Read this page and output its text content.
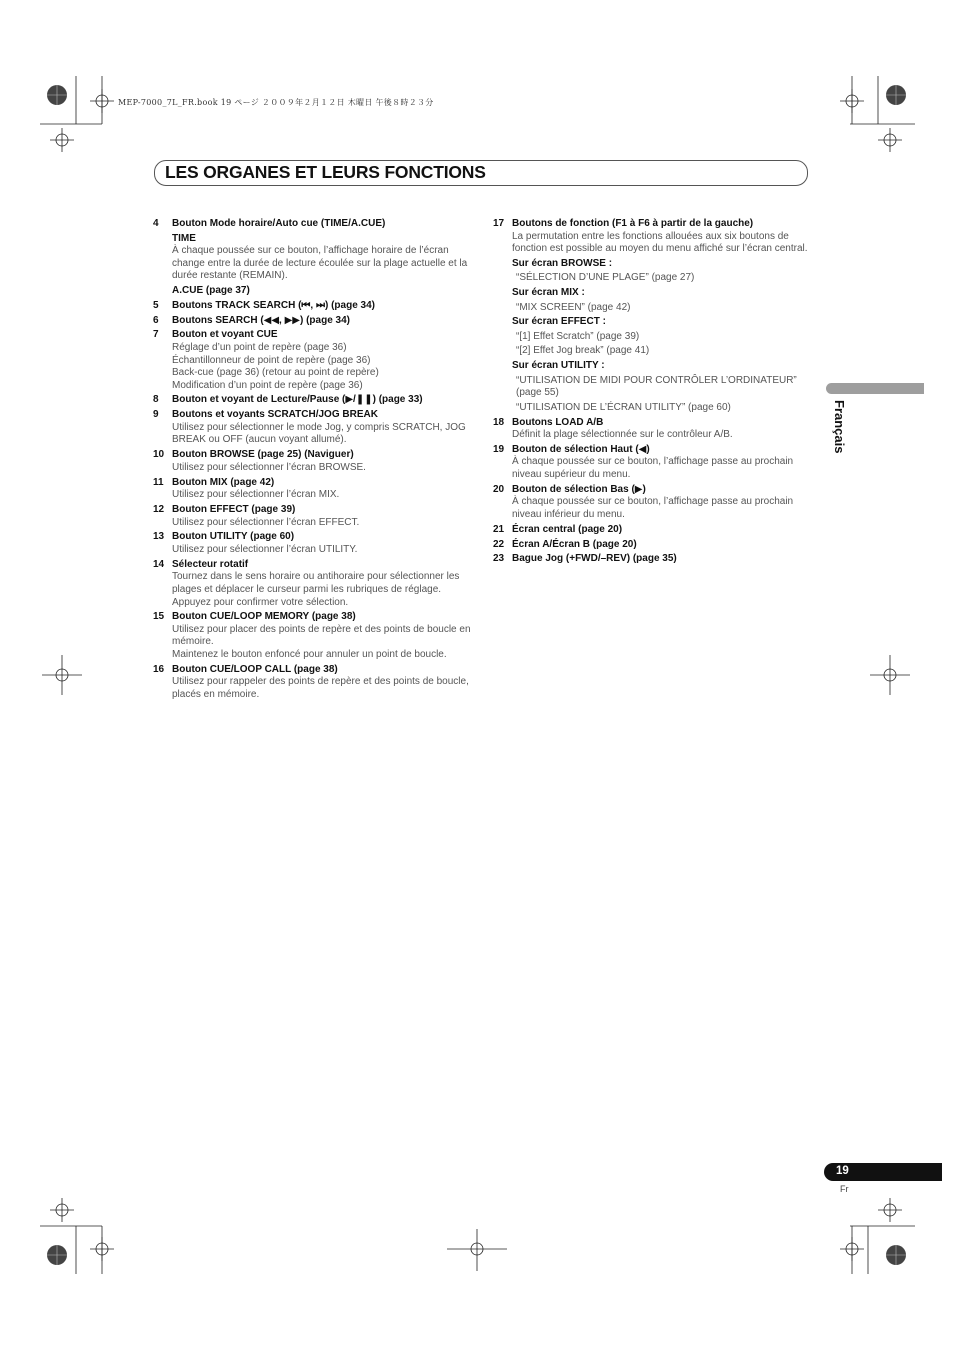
MEP-7000_7L_FR.book 19 ページ ２００９年２月１２日 木曜日 午後８時２３分
LES ORGANES ET LEURS FONCTIONS
4 Bouton Mode horaire/Auto cue (TIME/A.CUE)
TIME
À chaque poussée sur ce bouton, l’affichage horaire de l’écran change entre la durée de lecture écoulée sur la plage actuelle et la durée restante (REMAIN).
A.CUE (page 37)
5 Boutons TRACK SEARCH (⏮, ⏭) (page 34)
6 Boutons SEARCH (◀◀, ▶▶) (page 34)
7 Bouton et voyant CUE
Réglage d’un point de repère (page 36)
Échantillonneur de point de repère (page 36)
Back-cue (page 36) (retour au point de repère)
Modification d’un point de repère (page 36)
8 Bouton et voyant de Lecture/Pause (▶/❚❚) (page 33)
9 Boutons et voyants SCRATCH/JOG BREAK
Utilisez pour sélectionner le mode Jog, y compris SCRATCH, JOG BREAK ou OFF (aucun voyant allumé).
10 Bouton BROWSE (page 25) (Naviguer)
Utilisez pour sélectionner l’écran BROWSE.
11 Bouton MIX (page 42)
Utilisez pour sélectionner l’écran MIX.
12 Bouton EFFECT (page 39)
Utilisez pour sélectionner l’écran EFFECT.
13 Bouton UTILITY (page 60)
Utilisez pour sélectionner l’écran UTILITY.
14 Sélecteur rotatif
Tournez dans le sens horaire ou antihoraire pour sélectionner les plages et déplacer le curseur parmi les rubriques de réglage. Appuyez pour confirmer votre sélection.
15 Bouton CUE/LOOP MEMORY (page 38)
Utilisez pour placer des points de repère et des points de boucle en mémoire.
Maintenez le bouton enfoncé pour annuler un point de boucle.
16 Bouton CUE/LOOP CALL (page 38)
Utilisez pour rappeler des points de repère et des points de boucle, placés en mémoire.
17 Boutons de fonction (F1 à F6 à partir de la gauche)
La permutation entre les fonctions allouées aux six boutons de fonction est possible au moyen du menu affiché sur l’écran central.
Sur écran BROWSE :
“SÉLECTION D’UNE PLAGE” (page 27)
Sur écran MIX :
“MIX SCREEN” (page 42)
Sur écran EFFECT :
“[1] Effet Scratch” (page 39)
“[2] Effet Jog break” (page 41)
Sur écran UTILITY :
“UTILISATION DE MIDI POUR CONTRÔLER L’ORDINATEUR” (page 55)
“UTILISATION DE L’ÉCRAN UTILITY” (page 60)
18 Boutons LOAD A/B
Définit la plage sélectionnée sur le contrôleur A/B.
19 Bouton de sélection Haut (◀)
À chaque poussée sur ce bouton, l’affichage passe au prochain niveau supérieur du menu.
20 Bouton de sélection Bas (▶)
À chaque poussée sur ce bouton, l’affichage passe au prochain niveau inférieur du menu.
21 Écran central (page 20)
22 Écran A/Écran B (page 20)
23 Bague Jog (+FWD/–REV) (page 35)
Français
19
Fr
